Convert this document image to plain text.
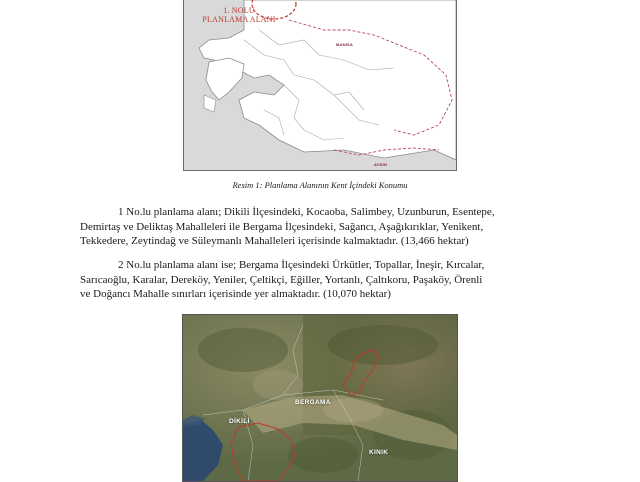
1. NOLU
PLANLAMA ALANI
MANİSA
AYDIN
Resim 1: Planlama Alanının Kent İçindeki Konumu
1 No.lu planlama alanı; Dikili İlçesindeki, Kocaoba, Salimbey, Uzunburun, Esentepe,
Demirtaş ve Deliktaş Mahalleleri ile Bergama İlçesindeki, Sağancı, Aşağıkırıklar, Yenikent,
Tekkedere, Zeytindağ ve Süleymanlı Mahalleleri içerisinde kalmaktadır. (13,466 hektar)
2 No.lu planlama alanı ise; Bergama İlçesindeki Ürkütler, Topallar, İneşir, Kırcalar,
Sarıcaoğlu, Karalar, Dereköy, Yeniler, Çeltikçi, Eğiller, Yortanlı, Çaltıkoru, Paşaköy, Örenli
ve Doğancı Mahalle sınırları içerisinde yer almaktadır. (10,070 hektar)
BERGAMA
DİKİLİ
KINIK
